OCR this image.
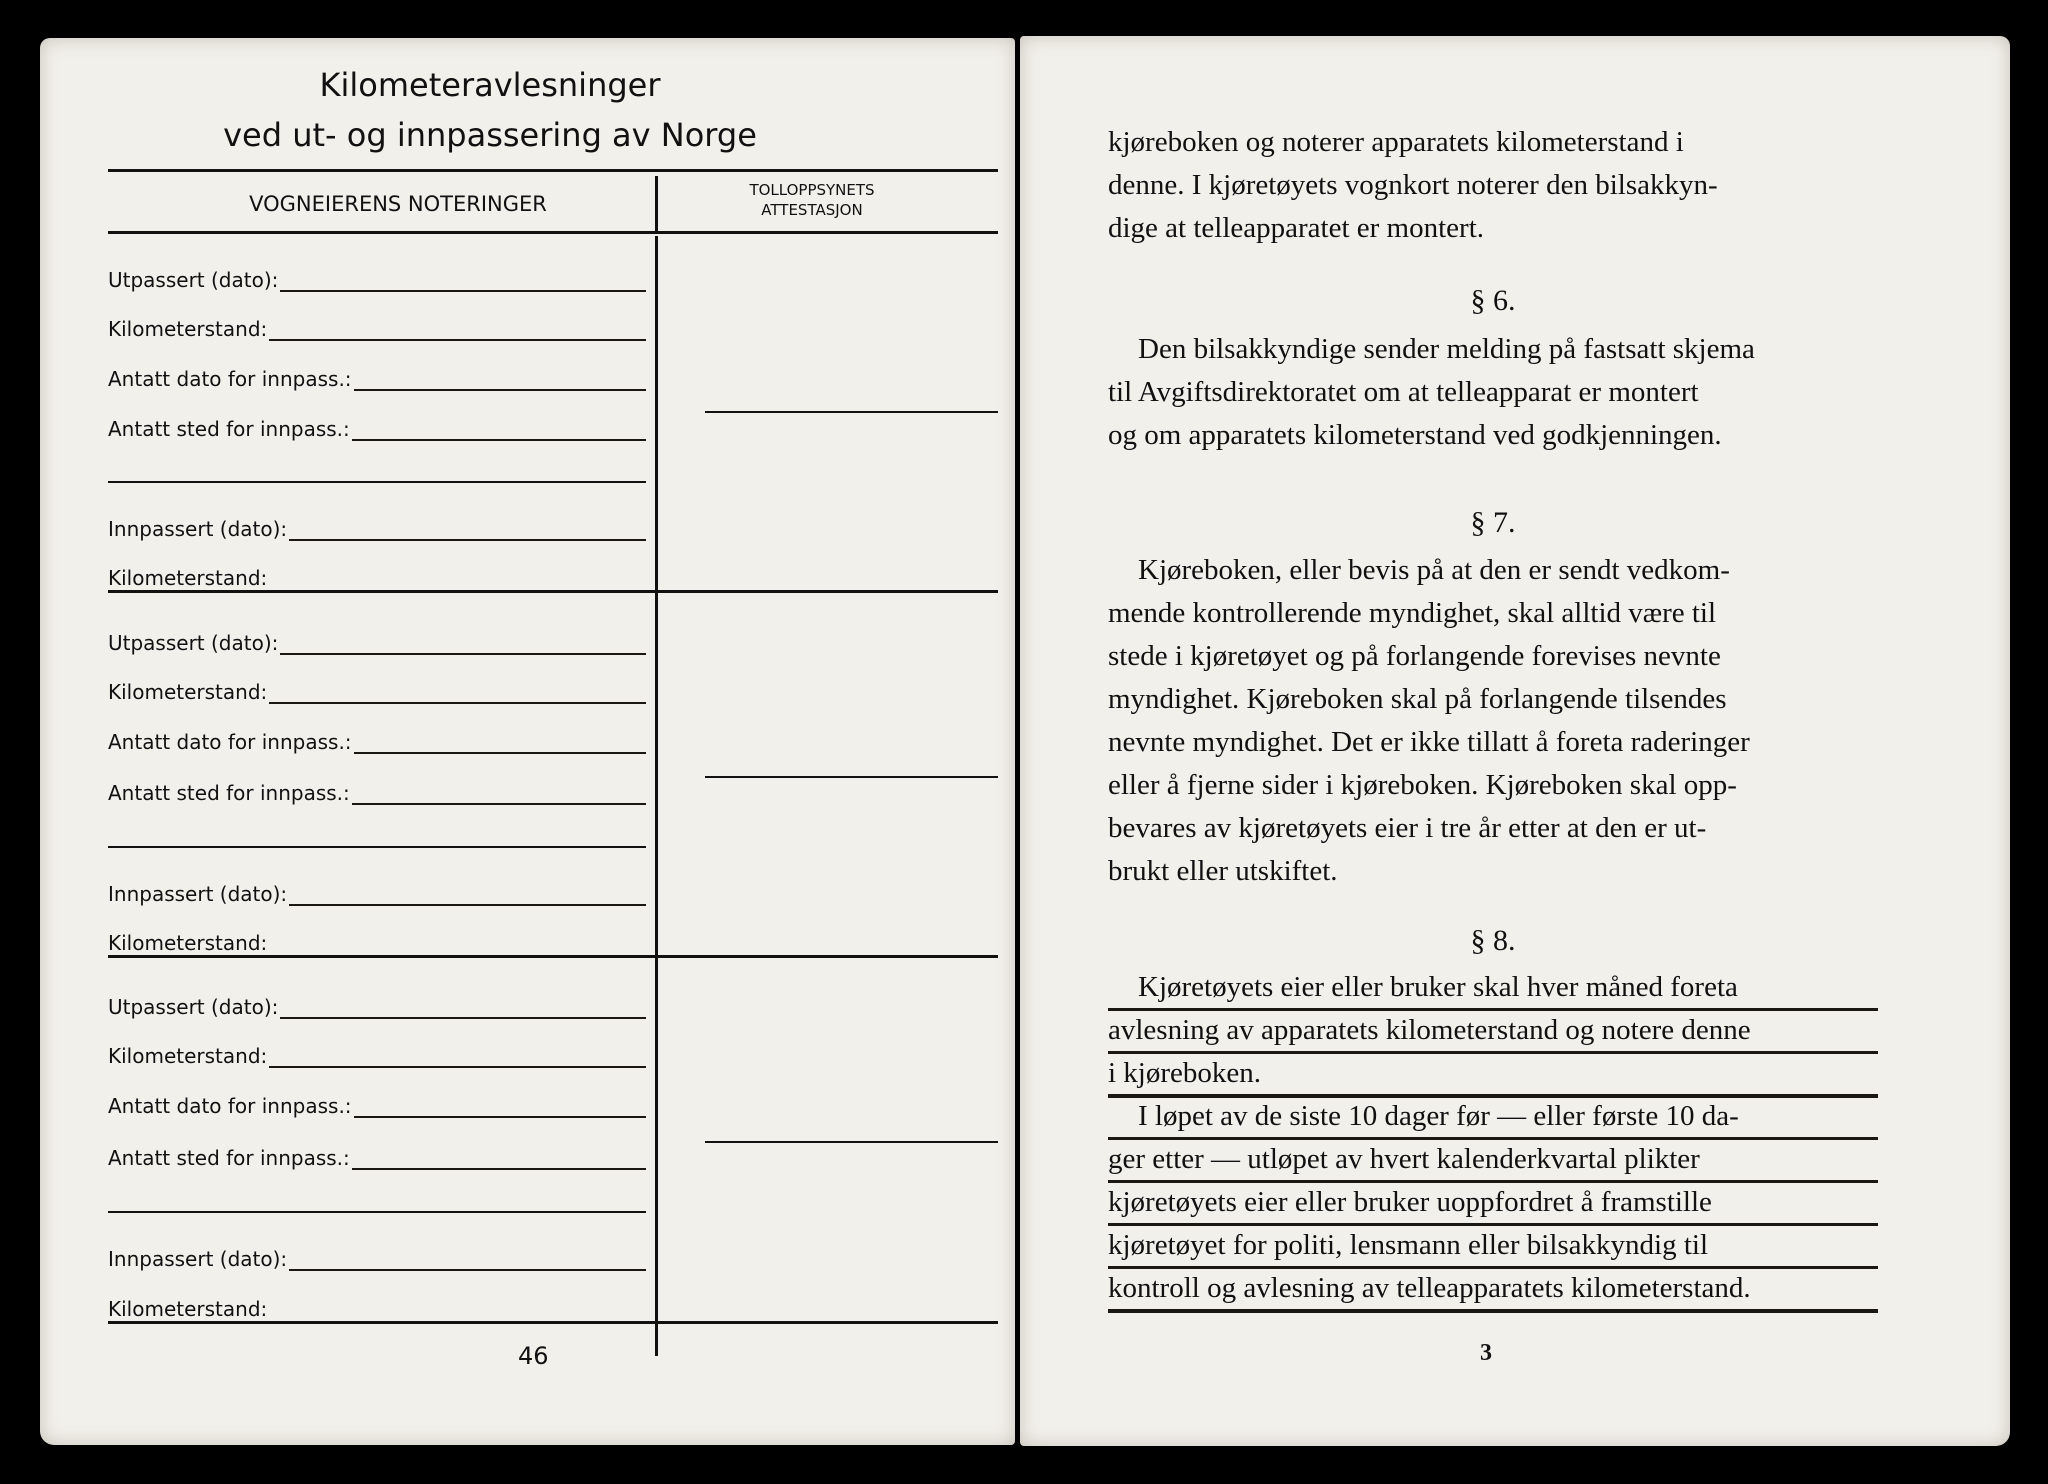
Kilometeravlesninger
ved ut- og innpassering av Norge
VOGNEIERENS NOTERINGER
TOLLOPPSYNETS
ATTESTASJON
Utpassert (dato):
Kilometerstand:
Antatt dato for innpass.:
Antatt sted for innpass.:
Innpassert (dato):
Kilometerstand:
Utpassert (dato):
Kilometerstand:
Antatt dato for innpass.:
Antatt sted for innpass.:
Innpassert (dato):
Kilometerstand:
Utpassert (dato):
Kilometerstand:
Antatt dato for innpass.:
Antatt sted for innpass.:
Innpassert (dato):
Kilometerstand:
46

kjøreboken og noterer apparatets kilometerstand i

denne. I kjøretøyets vognkort noterer den bilsakkyn-

dige at telleapparatet er montert.

§ 6.

Den bilsakkyndige sender melding på fastsatt skjema

til Avgiftsdirektoratet om at telleapparat er montert

og om apparatets kilometerstand ved godkjenningen.

§ 7.

Kjøreboken, eller bevis på at den er sendt vedkom-

mende kontrollerende myndighet, skal alltid være til

stede i kjøretøyet og på forlangende forevises nevnte

myndighet. Kjøreboken skal på forlangende tilsendes

nevnte myndighet. Det er ikke tillatt å foreta raderinger

eller å fjerne sider i kjøreboken. Kjøreboken skal opp-

bevares av kjøretøyets eier i tre år etter at den er ut-

brukt eller utskiftet.

§ 8.

Kjøretøyets eier eller bruker skal hver måned foreta

avlesning av apparatets kilometerstand og notere denne

i kjøreboken.

I løpet av de siste 10 dager før — eller første 10 da-

ger etter — utløpet av hvert kalenderkvartal plikter

kjøretøyets eier eller bruker uoppfordret å framstille

kjøretøyet for politi, lensmann eller bilsakkyndig til

kontroll og avlesning av telleapparatets kilometerstand.

3
